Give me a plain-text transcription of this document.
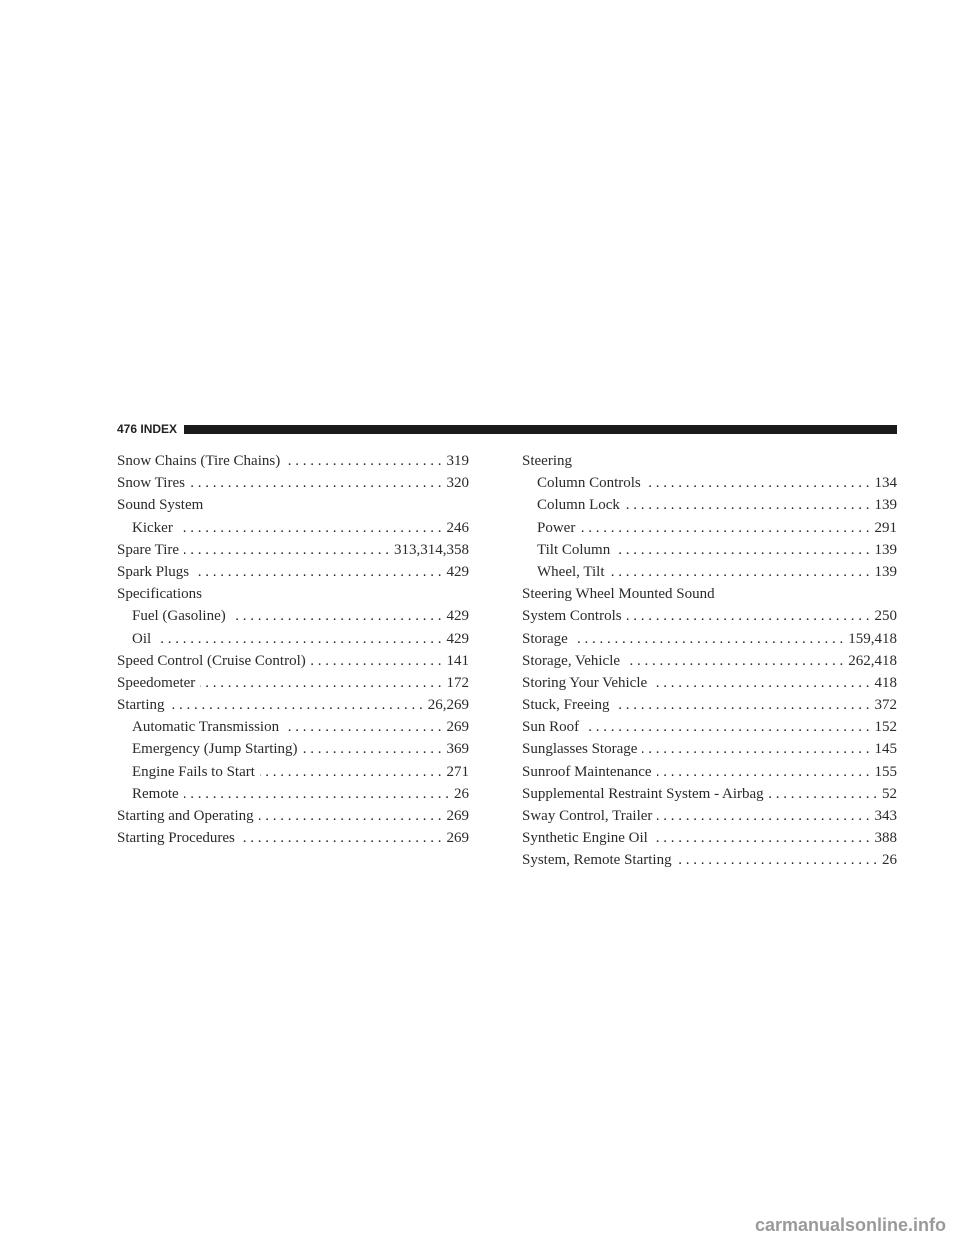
476 INDEX
Snow Chains (Tire Chains) . . .	319
Snow Tires . . .	320
Sound System
Kicker . . .	246
Spare Tire . . .	313,314,358
Spark Plugs . . .	429
Specifications
Fuel (Gasoline) . . .	429
Oil . . .	429
Speed Control (Cruise Control) . . .	141
Speedometer . . .	172
Starting . . .	26,269
Automatic Transmission . . .	269
Emergency (Jump Starting) . . .	369
Engine Fails to Start . . .	271
Remote . . .	26
Starting and Operating . . .	269
Starting Procedures . . .	269
Steering
Column Controls . . .	134
Column Lock . . .	139
Power . . .	291
Tilt Column . . .	139
Wheel, Tilt . . .	139
Steering Wheel Mounted Sound
System Controls . . .	250
Storage . . .	159,418
Storage, Vehicle . . .	262,418
Storing Your Vehicle . . .	418
Stuck, Freeing . . .	372
Sun Roof . . .	152
Sunglasses Storage . . .	145
Sunroof Maintenance . . .	155
Supplemental Restraint System - Airbag . . .	52
Sway Control, Trailer . . .	343
Synthetic Engine Oil . . .	388
System, Remote Starting . . .	26
carmanualsonline.info
